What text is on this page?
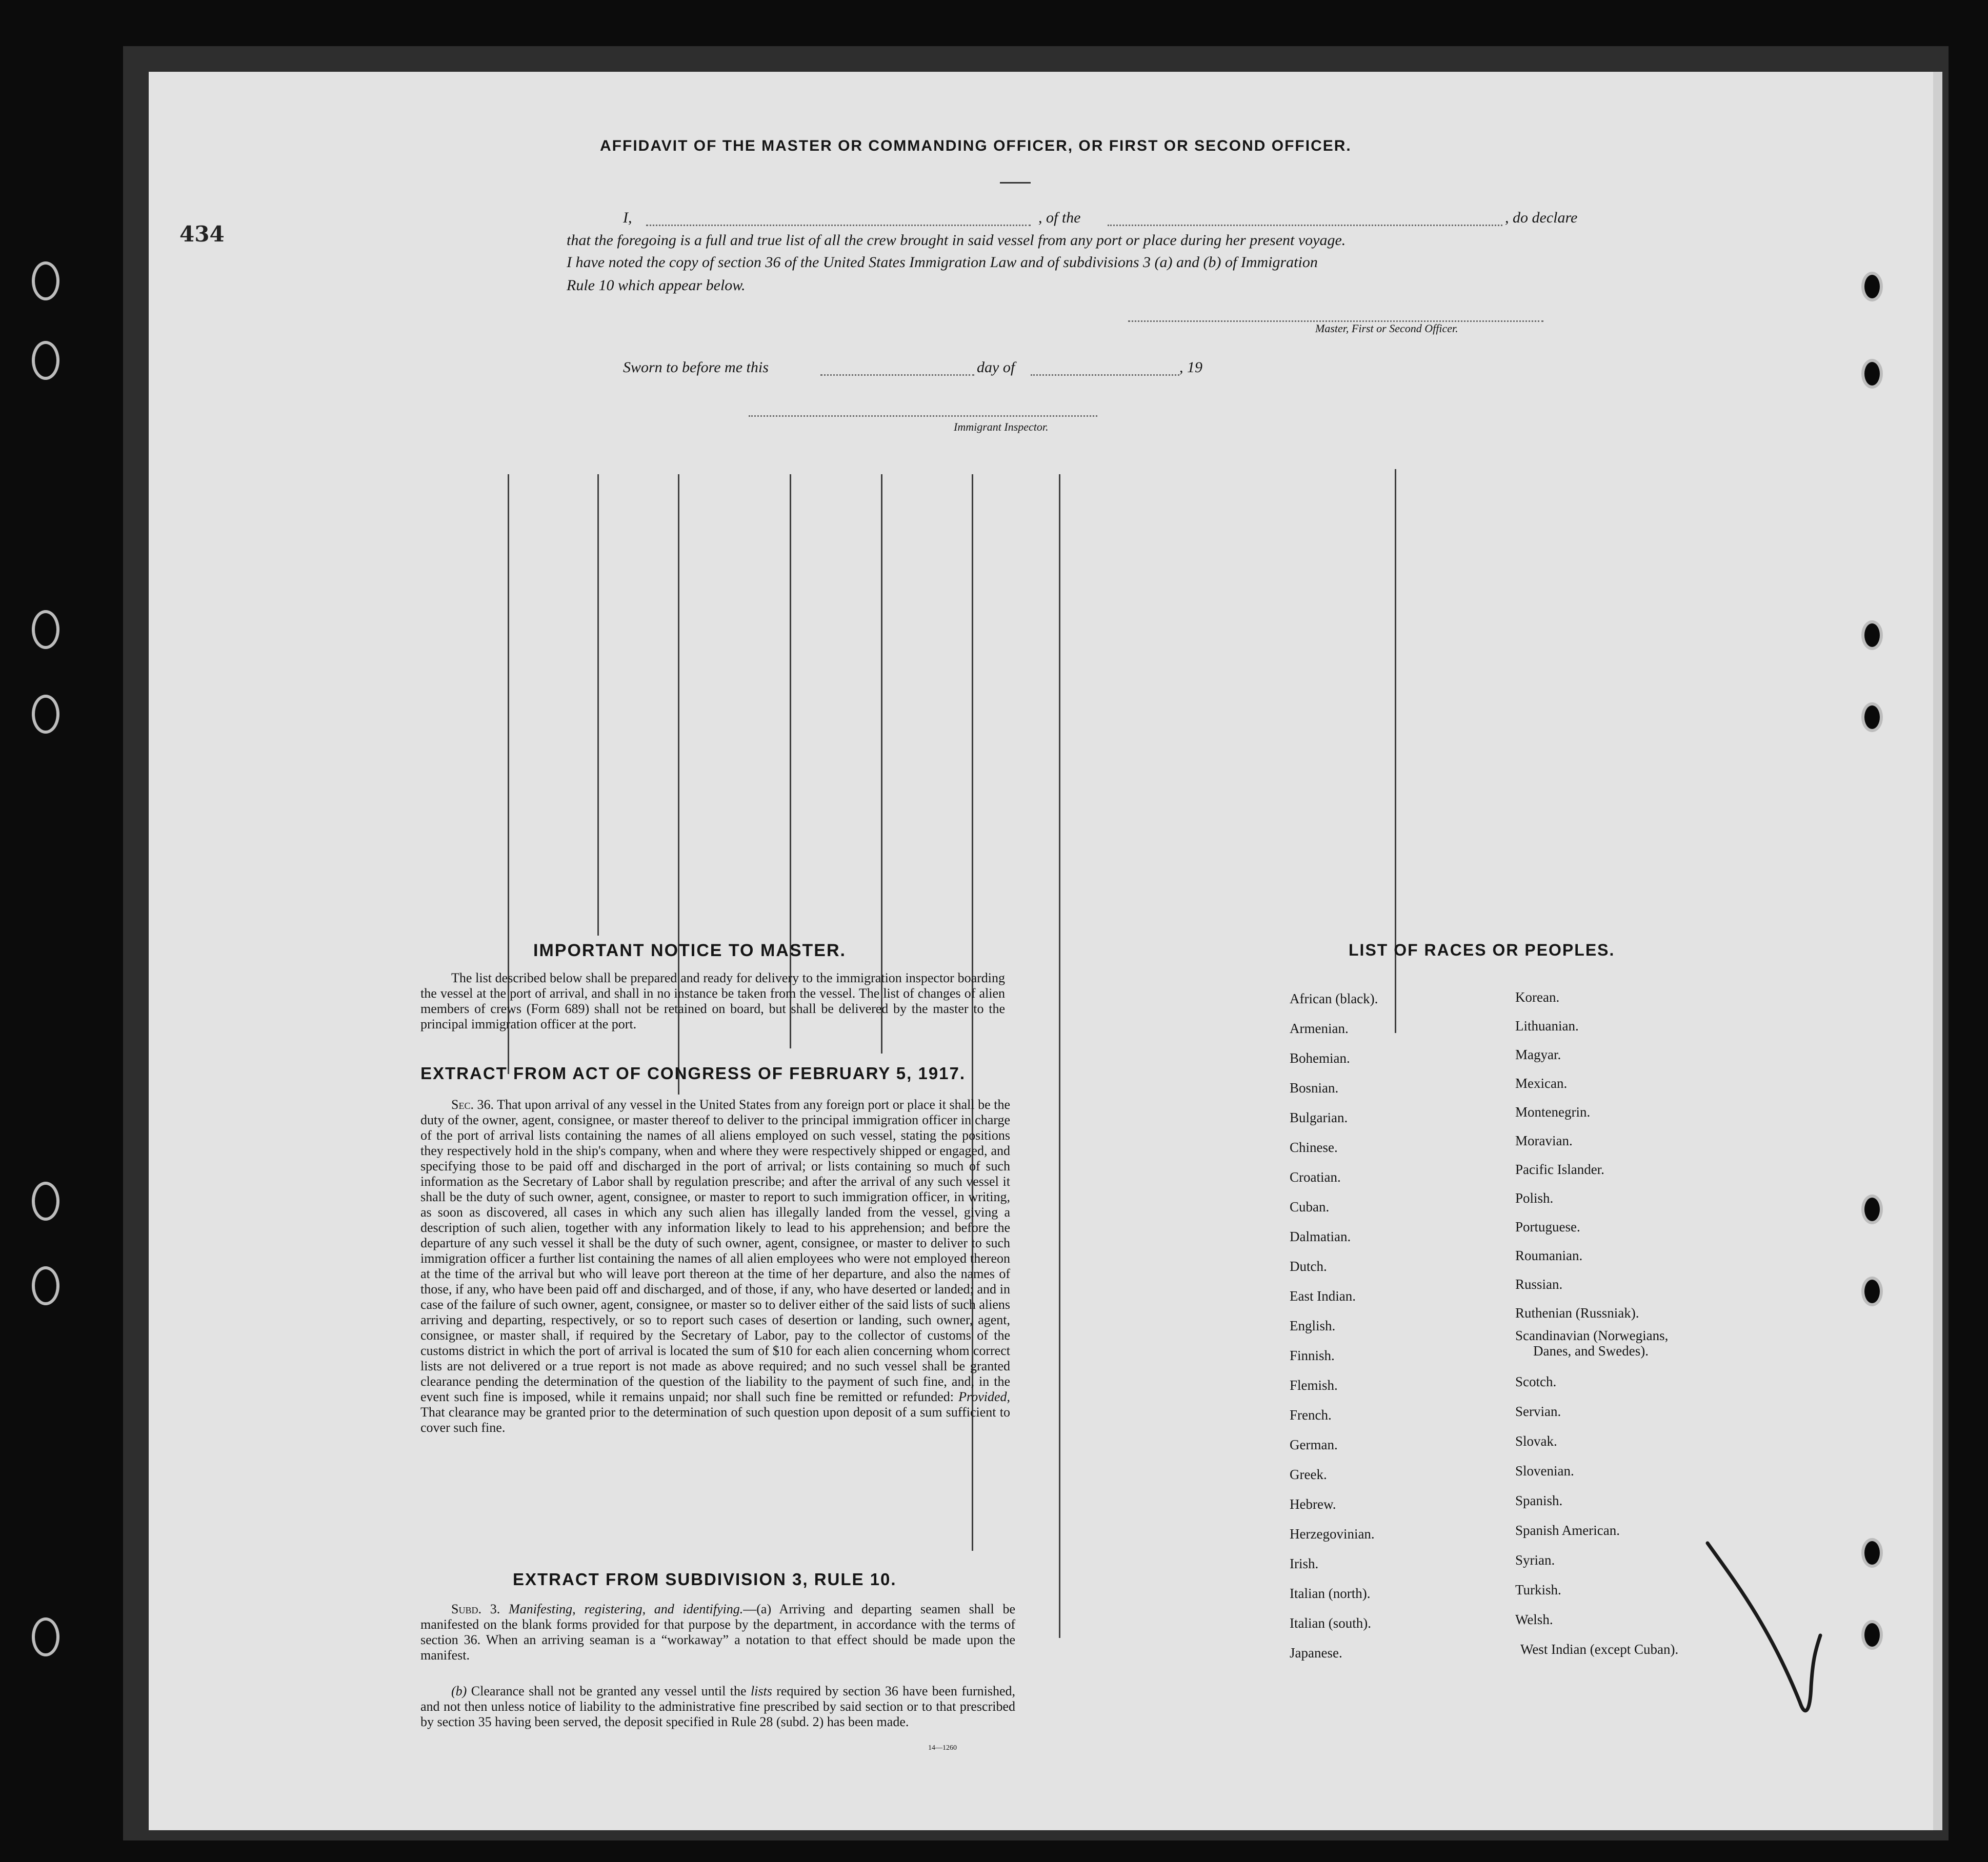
AFFIDAVIT OF THE MASTER OR COMMANDING OFFICER, OR FIRST OR SECOND OFFICER.
434
I,	, of the	, do declare
that the foregoing is a full and true list of all the crew brought in said vessel from any port or place during her present voyage.
I have noted the copy of section 36 of the United States Immigration Law and of subdivisions 3 (a) and (b) of Immigration
Rule 10 which appear below.
Master, First or Second Officer.
Sworn to before me this	day of	, 19
Immigrant Inspector.
IMPORTANT NOTICE TO MASTER.

The list described below shall be prepared and ready for delivery to the immigration inspector boarding the vessel at the port of arrival, and shall in no instance be taken from the vessel. The list of changes of alien members of crews (Form 689) shall not be retained on board, but shall be delivered by the master to the principal immigration officer at the port.

EXTRACT FROM ACT OF CONGRESS OF FEBRUARY 5, 1917.

Sec. 36. That upon arrival of any vessel in the United States from any foreign port or place it shall be the duty of the owner, agent, consignee, or master thereof to deliver to the principal immigration officer in charge of the port of arrival lists containing the names of all aliens employed on such vessel, stating the positions they respectively hold in the ship's company, when and where they were respectively shipped or engaged, and specifying those to be paid off and discharged in the port of arrival; or lists containing so much of such information as the Secretary of Labor shall by regulation prescribe; and after the arrival of any such vessel it shall be the duty of such owner, agent, consignee, or master to report to such immigration officer, in writing, as soon as discovered, all cases in which any such alien has illegally landed from the vessel, giving a description of such alien, together with any information likely to lead to his apprehension; and before the departure of any such vessel it shall be the duty of such owner, agent, consignee, or master to deliver to such immigration officer a further list containing the names of all alien employees who were not employed thereon at the time of the arrival but who will leave port thereon at the time of her departure, and also the names of those, if any, who have been paid off and discharged, and of those, if any, who have deserted or landed; and in case of the failure of such owner, agent, consignee, or master so to deliver either of the said lists of such aliens arriving and departing, respectively, or so to report such cases of desertion or landing, such owner, agent, consignee, or master shall, if required by the Secretary of Labor, pay to the collector of customs of the customs district in which the port of arrival is located the sum of $10 for each alien concerning whom correct lists are not delivered or a true report is not made as above required; and no such vessel shall be granted clearance pending the determination of the question of the liability to the payment of such fine, and, in the event such fine is imposed, while it remains unpaid; nor shall such fine be remitted or refunded: Provided, That clearance may be granted prior to the determination of such question upon deposit of a sum sufficient to cover such fine.

EXTRACT FROM SUBDIVISION 3, RULE 10.

Subd. 3. Manifesting, registering, and identifying.—(a) Arriving and departing seamen shall be manifested on the blank forms provided for that purpose by the department, in accordance with the terms of section 36. When an arriving seaman is a “workaway” a notation to that effect should be made upon the manifest.

(b) Clearance shall not be granted any vessel until the lists required by section 36 have been furnished, and not then unless notice of liability to the administrative fine prescribed by said section or to that prescribed by section 35 having been served, the deposit specified in Rule 28 (subd. 2) has been made.

14—1260
LIST OF RACES OR PEOPLES.
African (black).
Armenian.
Bohemian.
Bosnian.
Bulgarian.
Chinese.
Croatian.
Cuban.
Dalmatian.
Dutch.
East Indian.
English.
Finnish.
Flemish.
French.
German.
Greek.
Hebrew.
Herzegovinian.
Irish.
Italian (north).
Italian (south).
Japanese.
Korean.
Lithuanian.
Magyar.
Mexican.
Montenegrin.
Moravian.
Pacific Islander.
Polish.
Portuguese.
Roumanian.
Russian.
Ruthenian (Russniak).
Scandinavian (Norwegians,
Danes, and Swedes).
Scotch.
Servian.
Slovak.
Slovenian.
Spanish.
Spanish American.
Syrian.
Turkish.
Welsh.
West Indian (except Cuban).
